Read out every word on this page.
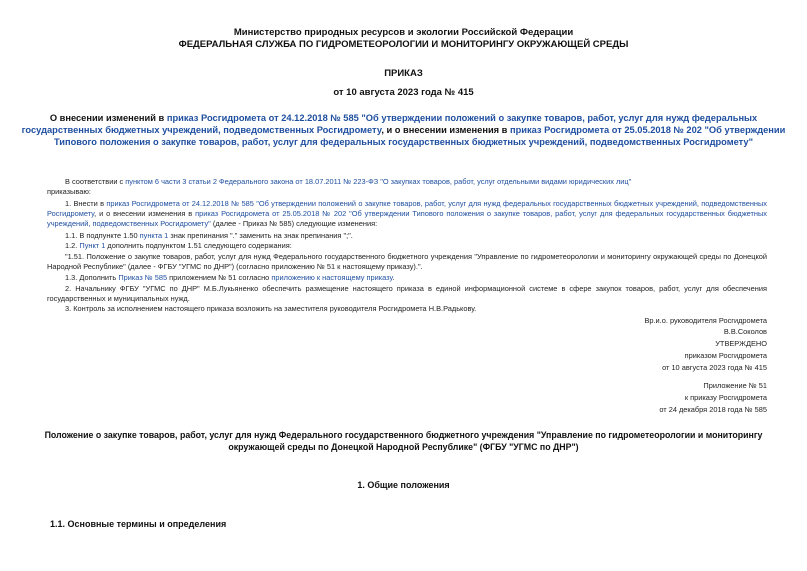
Министерство природных ресурсов и экологии Российской Федерации
ФЕДЕРАЛЬНАЯ СЛУЖБА ПО ГИДРОМЕТЕОРОЛОГИИ И МОНИТОРИНГУ ОКРУЖАЮЩЕЙ СРЕДЫ
ПРИКАЗ
от 10 августа 2023 года № 415
О внесении изменений в приказ Росгидромета от 24.12.2018 № 585 "Об утверждении положений о закупке товаров, работ, услуг для нужд федеральных
государственных бюджетных учреждений, подведомственных Росгидромету, и о внесении изменения в приказ Росгидромета от 25.05.2018 № 202 "Об утверждении
Типового положения о закупке товаров, работ, услуг для федеральных государственных бюджетных учреждений, подведомственных Росгидромету"
В соответствии с пунктом 6 части 3 статьи 2 Федерального закона от 18.07.2011 № 223-ФЗ "О закупках товаров, работ, услуг отдельными видами юридических лиц"
приказываю:
1. Внести в приказ Росгидромета от 24.12.2018 № 585 "Об утверждении положений о закупке товаров, работ, услуг для нужд федеральных государственных бюджетных учреждений, подведомственных Росгидромету, и о внесении изменения в приказ Росгидромета от 25.05.2018 № 202 "Об утверждении Типового положения о закупке товаров, работ, услуг для федеральных государственных бюджетных учреждений, подведомственных Росгидромету" (далее - Приказ № 585) следующие изменения:
1.1. В подпункте 1.50 пункта 1 знак препинания "." заменить на знак препинания ";".
1.2. Пункт 1 дополнить подпунктом 1.51 следующего содержания:
"1.51. Положение о закупке товаров, работ, услуг для нужд Федерального государственного бюджетного учреждения "Управление по гидрометеорологии и мониторингу окружающей среды по Донецкой Народной Республике" (далее - ФГБУ "УГМС по ДНР") (согласно приложению № 51 к настоящему приказу).".
1.3. Дополнить Приказ № 585 приложением № 51 согласно приложению к настоящему приказу.
2. Начальнику ФГБУ "УГМС по ДНР" М.Б.Лукьяненко обеспечить размещение настоящего приказа в единой информационной системе в сфере закупок товаров, работ, услуг для обеспечения государственных и муниципальных нужд.
3. Контроль за исполнением настоящего приказа возложить на заместителя руководителя Росгидромета Н.В.Радькову.
Вр.и.о. руководителя Росгидромета
В.В.Соколов
УТВЕРЖДЕНО
приказом Росгидромета
от 10 августа 2023 года № 415
Приложение № 51
к приказу Росгидромета
от 24 декабря 2018 года № 585
Положение о закупке товаров, работ, услуг для нужд Федерального государственного бюджетного учреждения "Управление по гидрометеорологии и мониторингу
окружающей среды по Донецкой Народной Республике" (ФГБУ "УГМС по ДНР")
1. Общие положения
1.1. Основные термины и определения
